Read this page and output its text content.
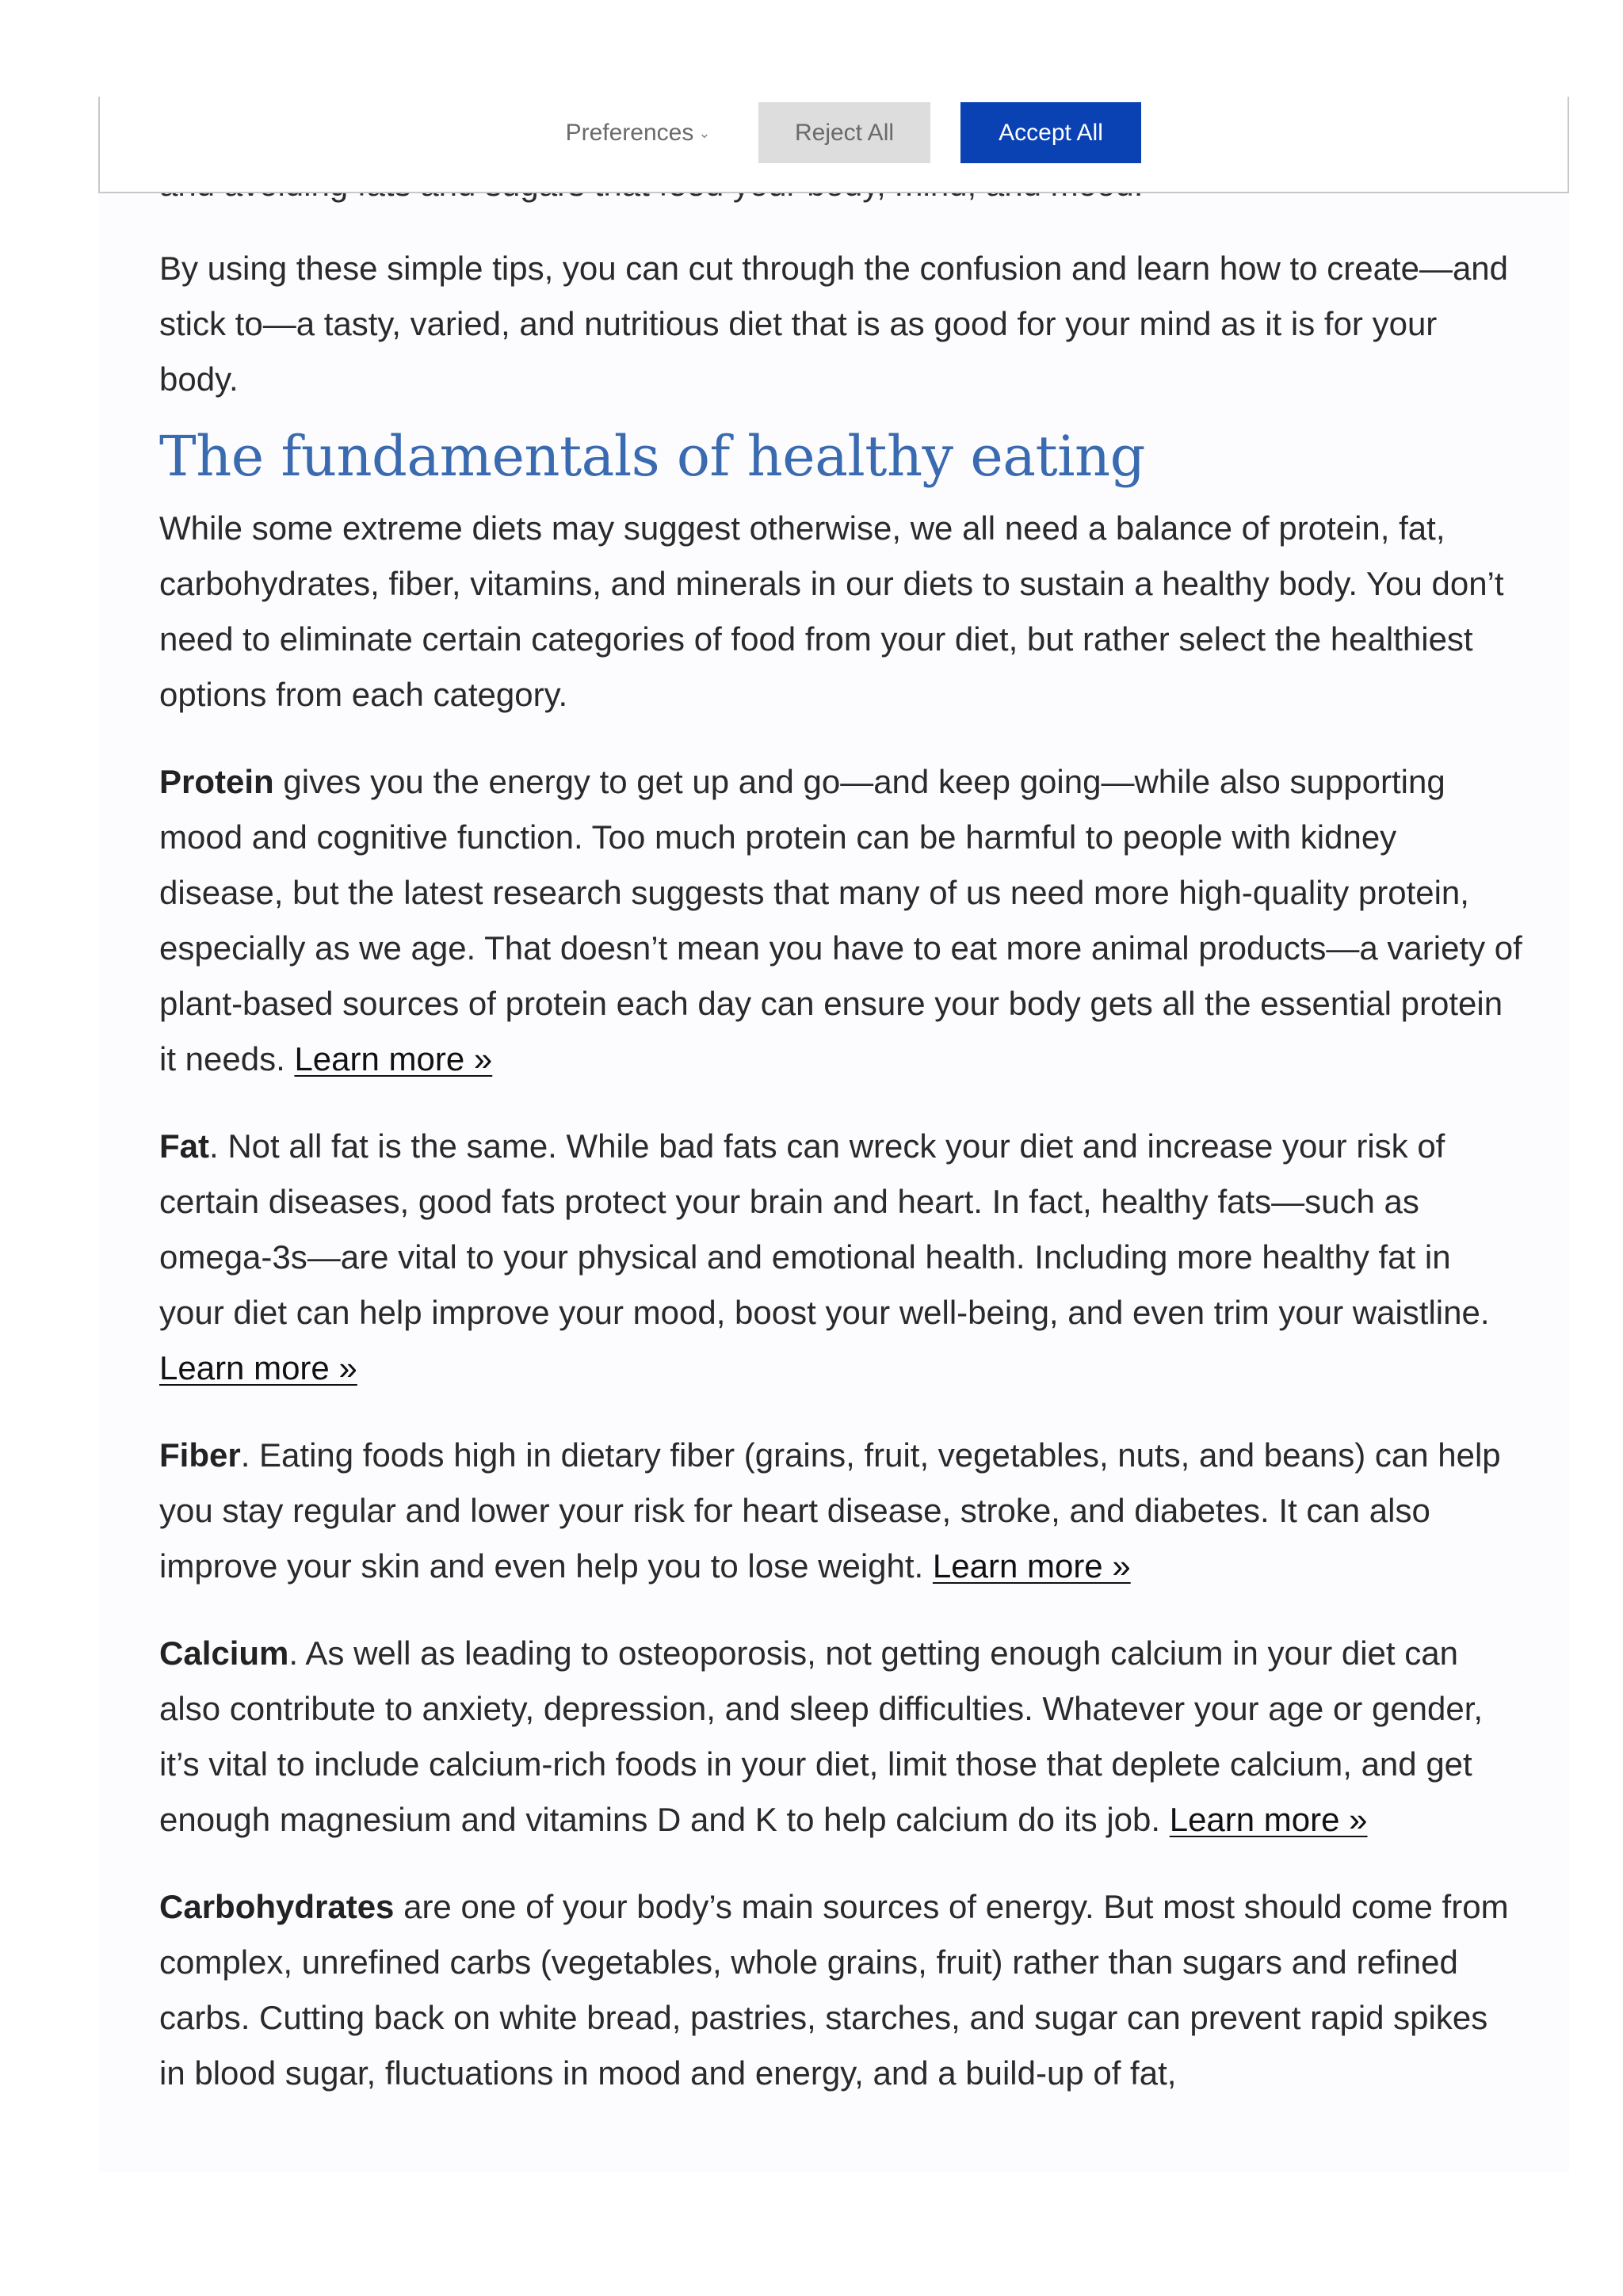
By using these simple tips, you can cut through the confusion and learn how to create—and stick to—a tasty, varied, and nutritious diet that is as good for your mind as it is for your body.

The fundamentals of healthy eating

While some extreme diets may suggest otherwise, we all need a balance of protein, fat, carbohydrates, fiber, vitamins, and minerals in our diets to sustain a healthy body. You don’t need to eliminate certain categories of food from your diet, but rather select the healthiest options from each category.

Protein gives you the energy to get up and go—and keep going—while also supporting mood and cognitive function. Too much protein can be harmful to people with kidney disease, but the latest research suggests that many of us need more high-quality protein, especially as we age. That doesn’t mean you have to eat more animal products—a variety of plant-based sources of protein each day can ensure your body gets all the essential protein it needs. Learn more »

Fat. Not all fat is the same. While bad fats can wreck your diet and increase your risk of certain diseases, good fats protect your brain and heart. In fact, healthy fats—such as omega-3s—are vital to your physical and emotional health. Including more healthy fat in your diet can help improve your mood, boost your well-being, and even trim your waistline. Learn more »

Fiber. Eating foods high in dietary fiber (grains, fruit, vegetables, nuts, and beans) can help you stay regular and lower your risk for heart disease, stroke, and diabetes. It can also improve your skin and even help you to lose weight. Learn more »

Calcium. As well as leading to osteoporosis, not getting enough calcium in your diet can also contribute to anxiety, depression, and sleep difficulties. Whatever your age or gender, it’s vital to include calcium-rich foods in your diet, limit those that deplete calcium, and get enough magnesium and vitamins D and K to help calcium do its job. Learn more »

Carbohydrates are one of your body’s main sources of energy. But most should come from complex, unrefined carbs (vegetables, whole grains, fruit) rather than sugars and refined carbs. Cutting back on white bread, pastries, starches, and sugar can prevent rapid spikes in blood sugar, fluctuations in mood and energy, and a build-up of fat,

Preferences ⌄	Reject All	Accept All
